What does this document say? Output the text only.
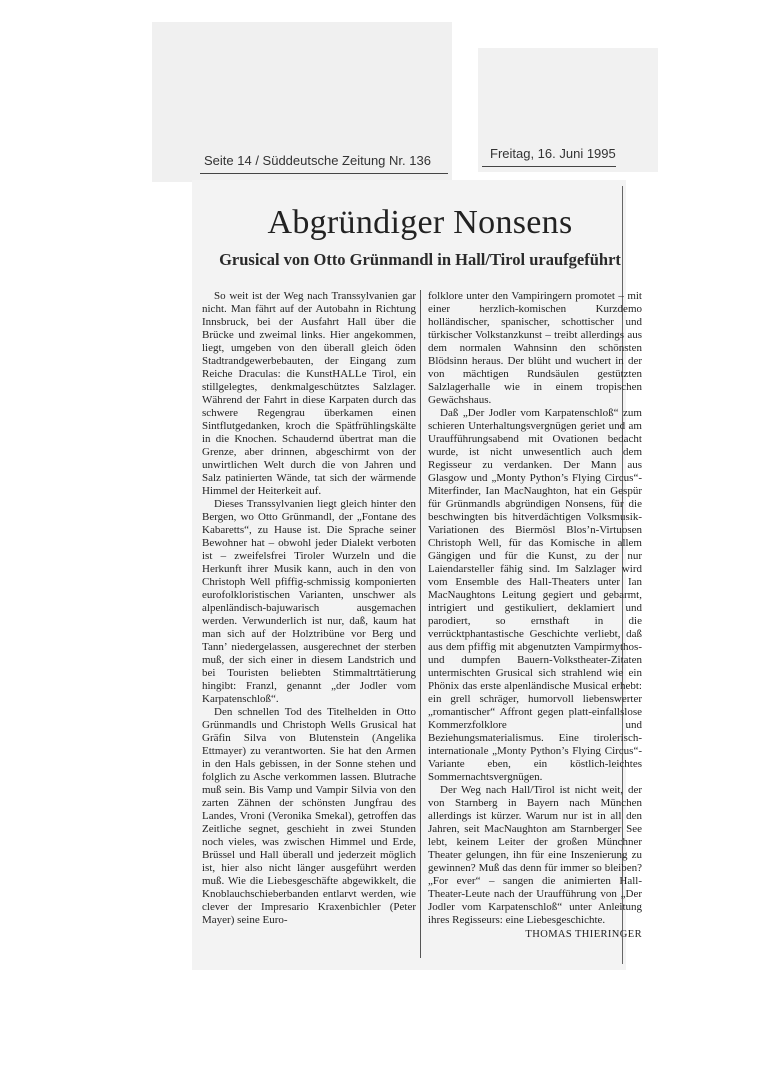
Seite 14 / Süddeutsche Zeitung Nr. 136	Freitag, 16. Juni 1995
Abgründiger Nonsens
Grusical von Otto Grünmandl in Hall/Tirol uraufgeführt

So weit ist der Weg nach Transsylvanien gar nicht. Man fährt auf der Autobahn in Richtung Innsbruck, bei der Ausfahrt Hall über die Brücke und zweimal links. Hier angekommen, liegt, umgeben von den überall gleich öden Stadtrandgewerbebauten, der Eingang zum Reiche Draculas: die KunstHALLe Tirol, ein stillgelegtes, denkmalgeschütztes Salzlager. Während der Fahrt in diese Karpaten durch das schwere Regengrau überkamen einen Sintflutgedanken, kroch die Spätfrühlingskälte in die Knochen. Schaudernd übertrat man die Grenze, aber drinnen, abgeschirmt von der unwirtlichen Welt durch die von Jahren und Salz patinierten Wände, tat sich der wärmende Himmel der Heiterkeit auf.

Dieses Transsylvanien liegt gleich hinter den Bergen, wo Otto Grünmandl, der „Fontane des Kabaretts“, zu Hause ist. Die Sprache seiner Bewohner hat – obwohl jeder Dialekt verboten ist – zweifelsfrei Tiroler Wurzeln und die Herkunft ihrer Musik kann, auch in den von Christoph Well pfiffig-schmissig komponierten eurofolkloristischen Varianten, unschwer als alpenländisch-bajuwarisch ausgemachen werden. Verwunderlich ist nur, daß, kaum hat man sich auf der Holztribüne vor Berg und Tann’ niedergelassen, ausgerechnet der sterben muß, der sich einer in diesem Landstrich und bei Touristen beliebten Stimmaltrtätierung hingibt: Franzl, genannt „der Jodler vom Karpatenschloß“.

Den schnellen Tod des Titelhelden in Otto Grünmandls und Christoph Wells Grusical hat Gräfin Silva von Blutenstein (Angelika Ettmayer) zu verantworten. Sie hat den Armen in den Hals gebissen, in der Sonne stehen und folglich zu Asche verkommen lassen. Blutrache muß sein. Bis Vamp und Vampir Silvia von den zarten Zähnen der schönsten Jungfrau des Landes, Vroni (Veronika Smekal), getroffen das Zeitliche segnet, geschieht in zwei Stunden noch vieles, was zwischen Himmel und Erde, Brüssel und Hall überall und jederzeit möglich ist, hier also nicht länger ausgeführt werden muß. Wie die Liebesgeschäfte abgewikkelt, die Knoblauchschieberbanden entlarvt werden, wie clever der Impresario Kraxenbichler (Peter Mayer) seine Euro-

folklore unter den Vampiringern promotet – mit einer herzlich-komischen Kurzdemo holländischer, spanischer, schottischer und türkischer Volkstanzkunst – treibt allerdings aus dem normalen Wahnsinn den schönsten Blödsinn heraus. Der blüht und wuchert in der von mächtigen Rundsäulen gestützten Salzlagerhalle wie in einem tropischen Gewächshaus.

Daß „Der Jodler vom Karpatenschloß“ zum schieren Unterhaltungsvergnügen geriet und am Uraufführungsabend mit Ovationen bedacht wurde, ist nicht unwesentlich auch dem Regisseur zu verdanken. Der Mann aus Glasgow und „Monty Python’s Flying Circus“-Miterfinder, Ian MacNaughton, hat ein Gespür für Grünmandls abgründigen Nonsens, für die beschwingten bis hitverdächtigen Volksmusik-Variationen des Biermösl Blos’n-Virtuosen Christoph Well, für das Komische in allem Gängigen und für die Kunst, zu der nur Laiendarsteller fähig sind. Im Salzlager wird vom Ensemble des Hall-Theaters unter Ian MacNaughtons Leitung gegiert und gebarmt, intrigiert und gestikuliert, deklamiert und parodiert, so ernsthaft in die verrücktphantastische Geschichte verliebt, daß aus dem pfiffig mit abgenutzten Vampirmythos- und dumpfen Bauern-Volkstheater-Zitaten untermischten Grusical sich strahlend wie ein Phönix das erste alpenländische Musical erhebt: ein grell schräger, humorvoll liebenswerter „romantischer“ Affront gegen platt-einfallslose Kommerzfolklore und Beziehungsmaterialismus. Eine tirolerisch-internationale „Monty Python’s Flying Circus“-Variante eben, ein köstlich-leichtes Sommernachtsvergnügen.

Der Weg nach Hall/Tirol ist nicht weit, der von Starnberg in Bayern nach München allerdings ist kürzer. Warum nur ist in all den Jahren, seit MacNaughton am Starnberger See lebt, keinem Leiter der großen Münchner Theater gelungen, ihn für eine Inszenierung zu gewinnen? Muß das denn für immer so bleiben? „For ever“ – sangen die animierten Hall-Theater-Leute nach der Uraufführung von „Der Jodler vom Karpatenschloß“ unter Anleitung ihres Regisseurs: eine Liebesgeschichte.

THOMAS THIERINGER
